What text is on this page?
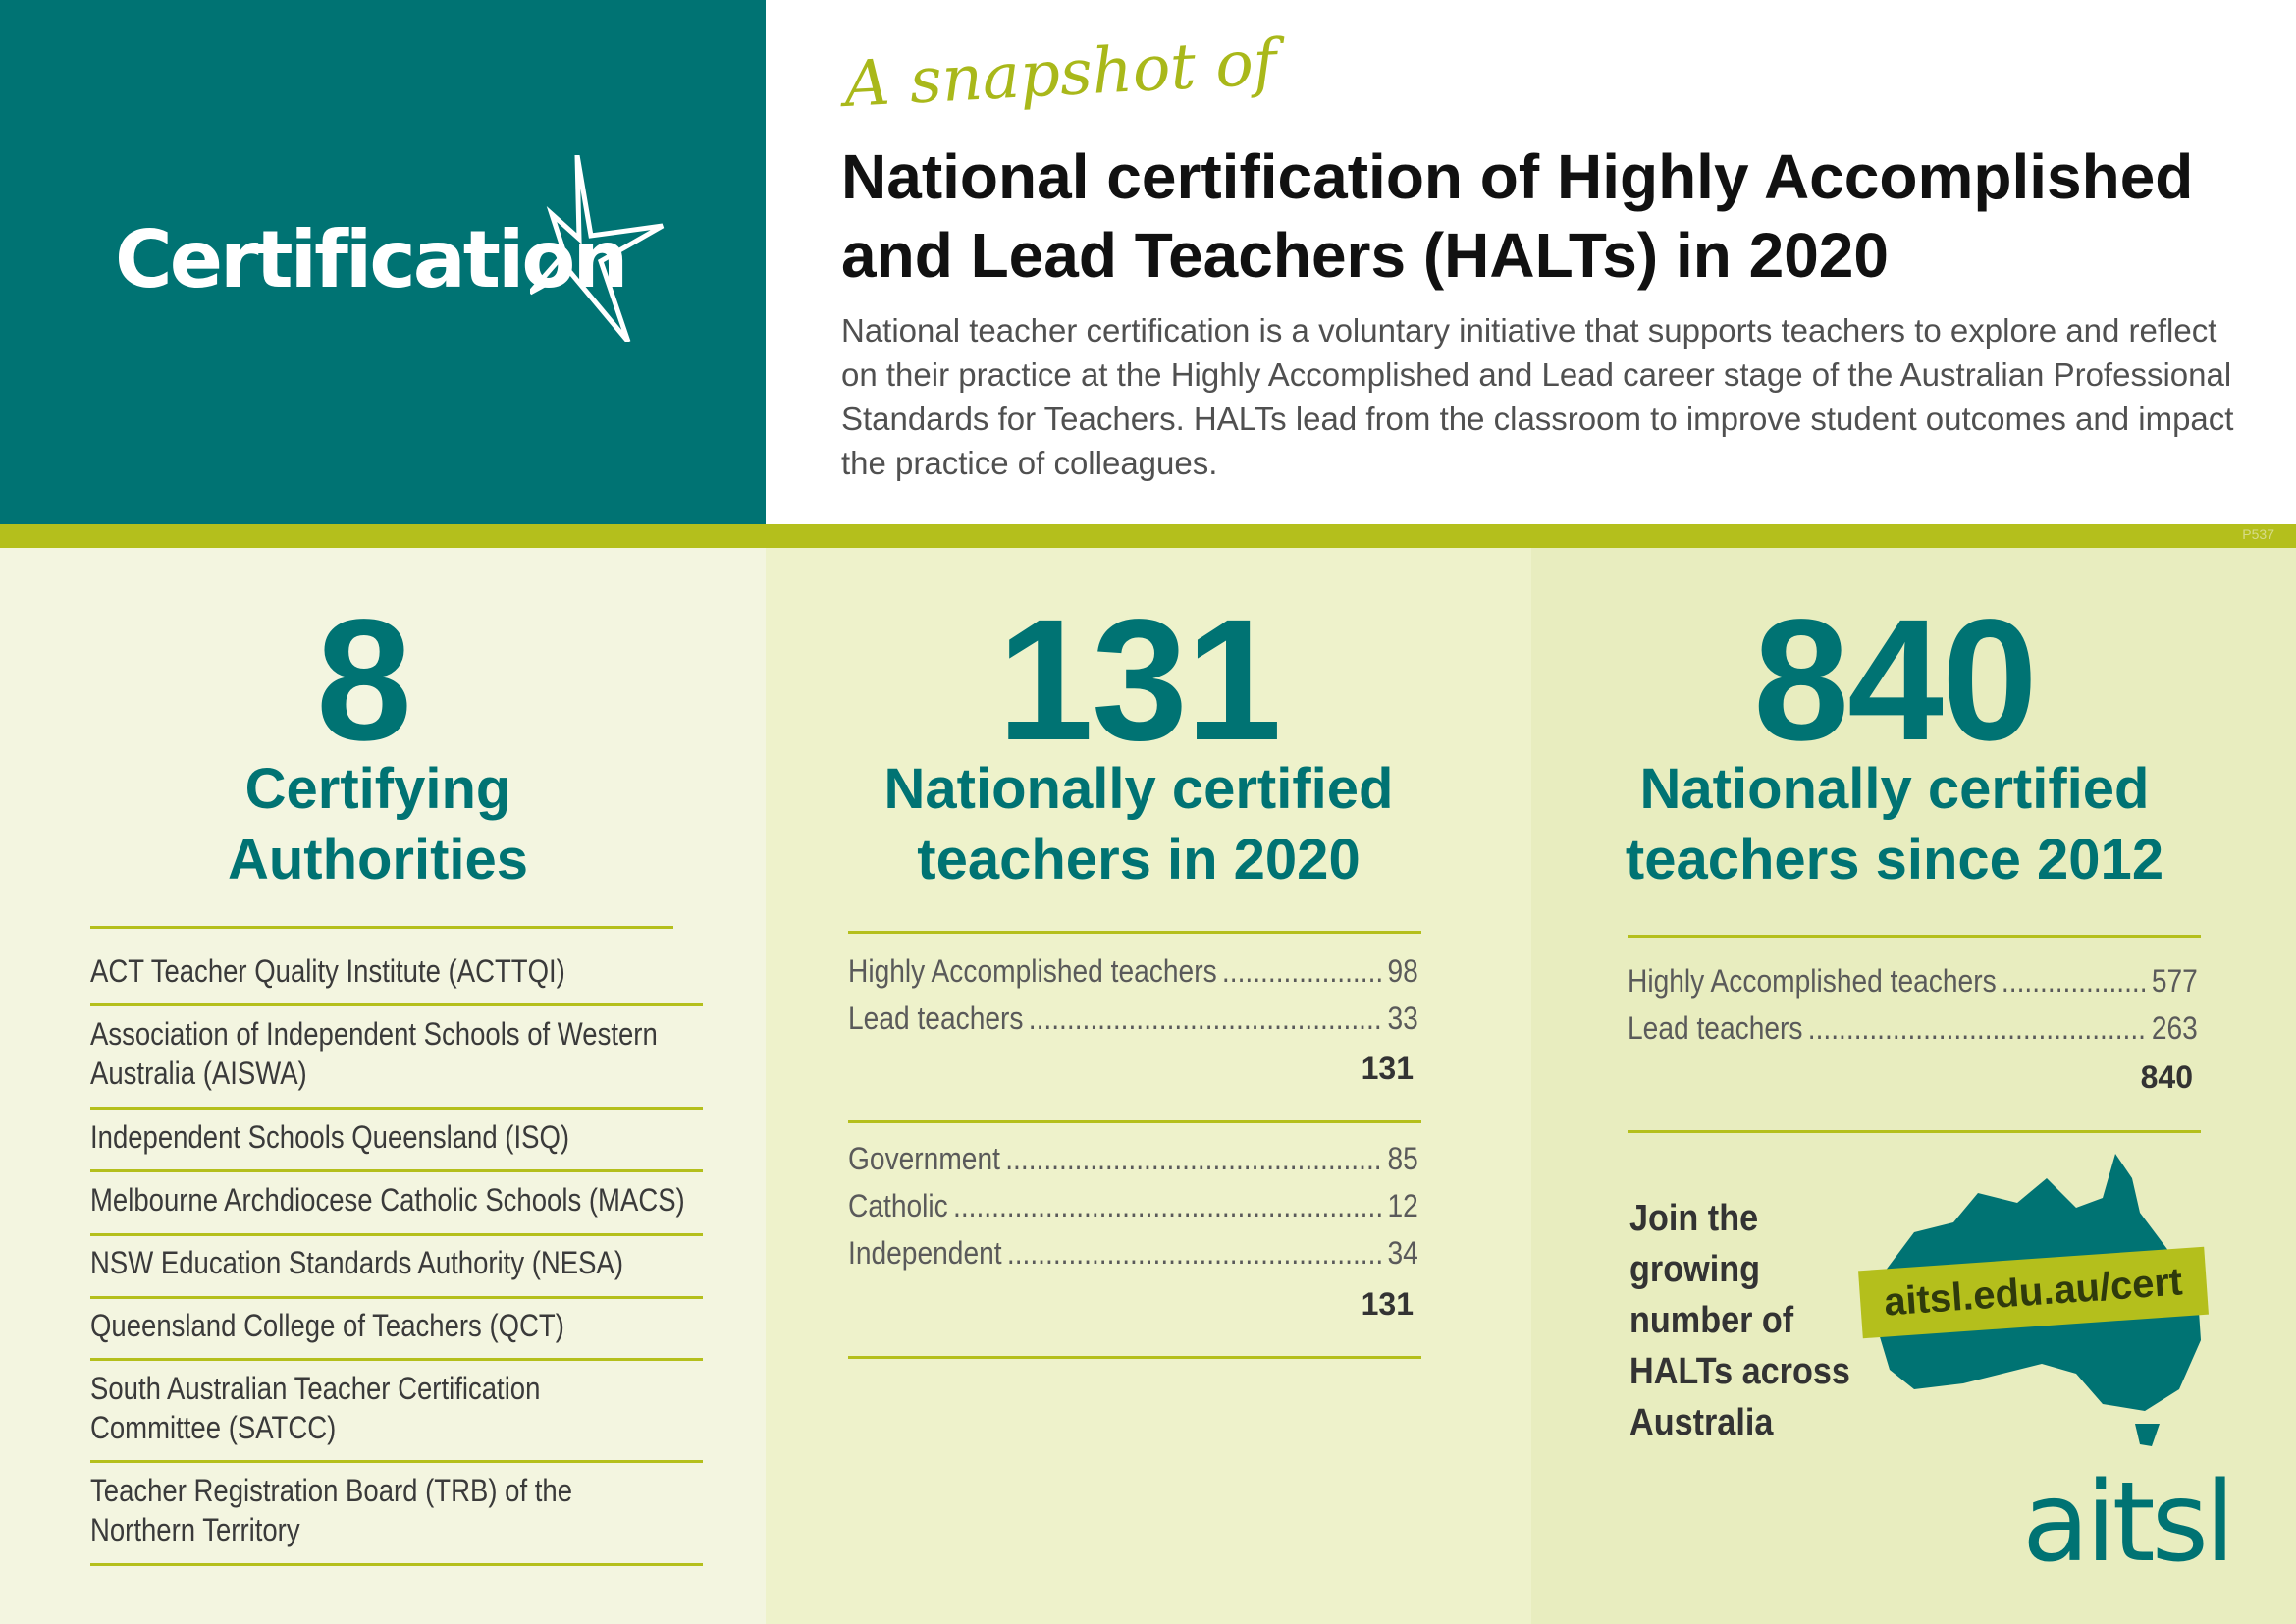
Certification
A snapshot of
National certification of Highly Accomplished and Lead Teachers (HALTs) in 2020
National teacher certification is a voluntary initiative that supports teachers to explore and reflect on their practice at the Highly Accomplished and Lead career stage of the Australian Professional Standards for Teachers. HALTs lead from the classroom to improve student outcomes and impact the practice of colleagues.
P537
8
Certifying
Authorities
ACT Teacher Quality Institute (ACTTQI)
Association of Independent Schools of Western
Australia (AISWA)
Independent Schools Queensland (ISQ)
Melbourne Archdiocese Catholic Schools (MACS)
NSW Education Standards Authority (NESA)
Queensland College of Teachers (QCT)
South Australian Teacher Certification
Committee (SATCC)
Teacher Registration Board (TRB) of the
Northern Territory
131
Nationally certified
teachers in 2020
Highly Accomplished teachers .....	98
Lead teachers .....	33
131
Government .....	85
Catholic .....	12
Independent .....	34
131
840
Nationally certified
teachers since 2012
Highly Accomplished teachers .....	577
Lead teachers .....	263
840
aitsl.edu.au/cert
Join the growing
number of
HALTs across
Australia
aitsl
